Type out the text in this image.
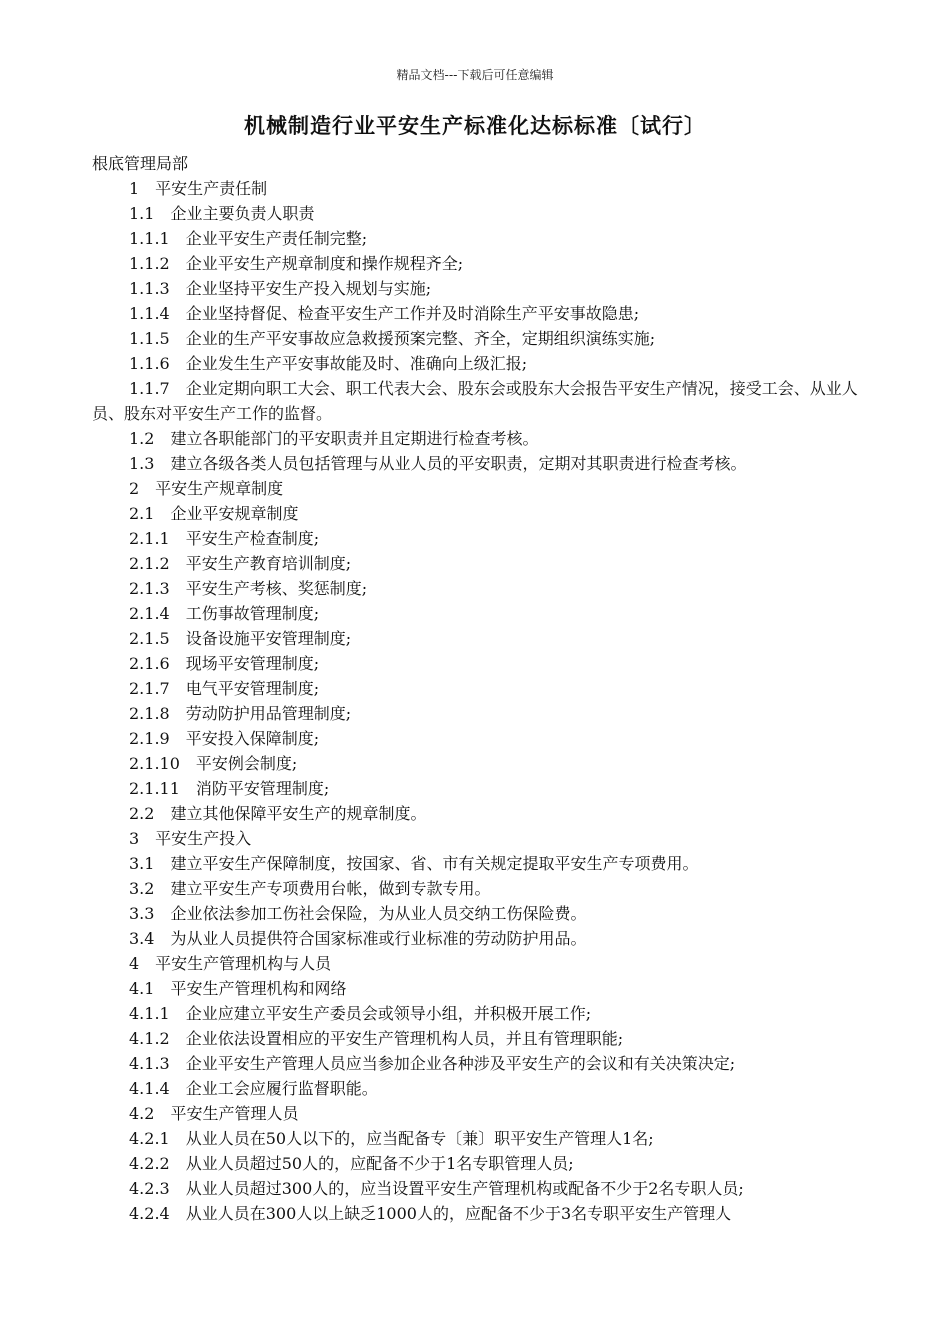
精品文档---下载后可任意编辑
机械制造行业平安生产标准化达标标准〔试行〕
根底管理局部
1　平安生产责任制
1.1　企业主要负责人职责
1.1.1　企业平安生产责任制完整;
1.1.2　企业平安生产规章制度和操作规程齐全;
1.1.3　企业坚持平安生产投入规划与实施;
1.1.4　企业坚持督促、检查平安生产工作并及时消除生产平安事故隐患;
1.1.5　企业的生产平安事故应急救援预案完整、齐全，定期组织演练实施;
1.1.6　企业发生生产平安事故能及时、准确向上级汇报;
1.1.7　企业定期向职工大会、职工代表大会、股东会或股东大会报告平安生产情况，接受工会、从业人员、股东对平安生产工作的监督。
1.2　建立各职能部门的平安职责并且定期进行检查考核。
1.3　建立各级各类人员包括管理与从业人员的平安职责，定期对其职责进行检查考核。
2　平安生产规章制度
2.1　企业平安规章制度
2.1.1　平安生产检查制度;
2.1.2　平安生产教育培训制度;
2.1.3　平安生产考核、奖惩制度;
2.1.4　工伤事故管理制度;
2.1.5　设备设施平安管理制度;
2.1.6　现场平安管理制度;
2.1.7　电气平安管理制度;
2.1.8　劳动防护用品管理制度;
2.1.9　平安投入保障制度;
2.1.10　平安例会制度;
2.1.11　消防平安管理制度;
2.2　建立其他保障平安生产的规章制度。
3　平安生产投入
3.1　建立平安生产保障制度，按国家、省、市有关规定提取平安生产专项费用。
3.2　建立平安生产专项费用台帐，做到专款专用。
3.3　企业依法参加工伤社会保险，为从业人员交纳工伤保险费。
3.4　为从业人员提供符合国家标准或行业标准的劳动防护用品。
4　平安生产管理机构与人员
4.1　平安生产管理机构和网络
4.1.1　企业应建立平安生产委员会或领导小组，并积极开展工作;
4.1.2　企业依法设置相应的平安生产管理机构人员，并且有管理职能;
4.1.3　企业平安生产管理人员应当参加企业各种涉及平安生产的会议和有关决策决定;
4.1.4　企业工会应履行监督职能。
4.2　平安生产管理人员
4.2.1　从业人员在50人以下的，应当配备专〔兼〕职平安生产管理人1名;
4.2.2　从业人员超过50人的，应配备不少于1名专职管理人员;
4.2.3　从业人员超过300人的，应当设置平安生产管理机构或配备不少于2名专职人员;
4.2.4　从业人员在300人以上缺乏1000人的，应配备不少于3名专职平安生产管理人
